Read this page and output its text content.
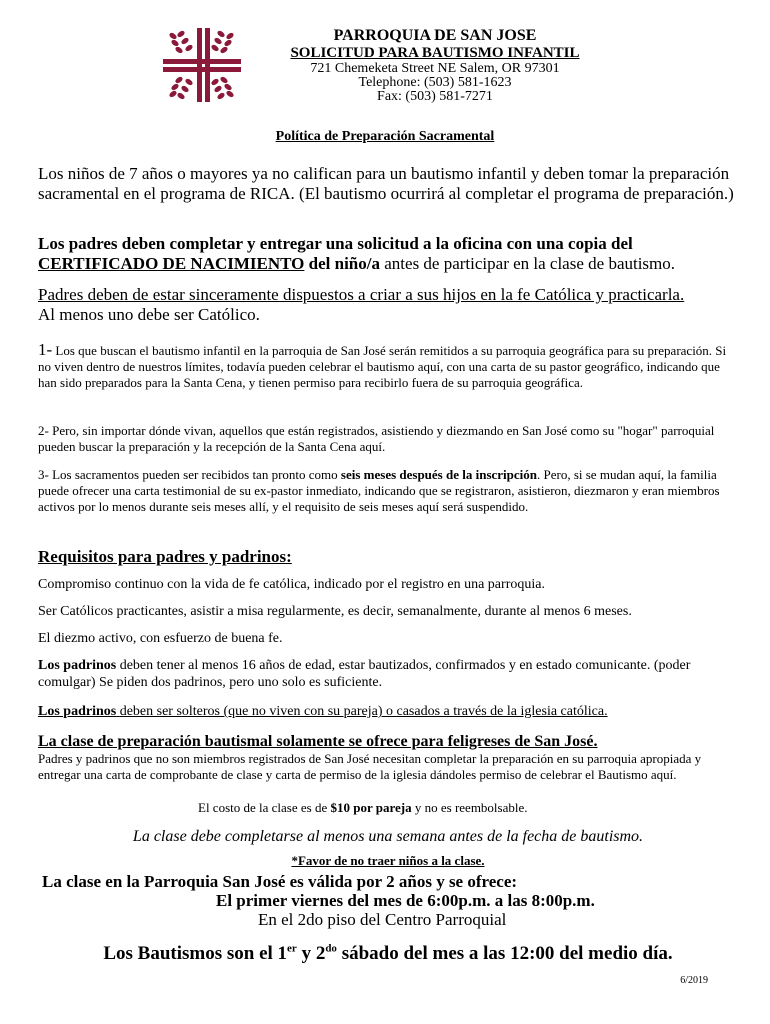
PARROQUIA DE SAN JOSE
SOLICITUD PARA BAUTISMO INFANTIL
721 Chemeketa Street NE Salem, OR 97301
Telephone: (503) 581-1623
Fax: (503) 581-7271
Política de Preparación Sacramental
Los niños de 7 años o mayores ya no califican para un bautismo infantil y deben tomar la preparación sacramental en el programa de RICA. (El bautismo ocurrirá al completar el programa de preparación.)
Los padres deben completar y entregar una solicitud a la oficina con una copia del CERTIFICADO DE NACIMIENTO del niño/a antes de participar en la clase de bautismo.
Padres deben de estar sinceramente dispuestos a criar a sus hijos en la fe Católica y practicarla.
Al menos uno debe ser Católico.
1- Los que buscan el bautismo infantil en la parroquia de San José serán remitidos a su parroquia geográfica para su preparación. Si no viven dentro de nuestros límites, todavía pueden celebrar el bautismo aquí, con una carta de su pastor geográfico, indicando que han sido preparados para la Santa Cena, y tienen permiso para recibirlo fuera de su parroquia geográfica.
2- Pero, sin importar dónde vivan, aquellos que están registrados, asistiendo y diezmando en San José como su "hogar" parroquial pueden buscar la preparación y la recepción de la Santa Cena aquí.
3- Los sacramentos pueden ser recibidos tan pronto como seis meses después de la inscripción. Pero, si se mudan aquí, la familia puede ofrecer una carta testimonial de su ex-pastor inmediato, indicando que se registraron, asistieron, diezmaron y eran miembros activos por lo menos durante seis meses allí, y el requisito de seis meses aquí será suspendido.
Requisitos para padres y padrinos:
Compromiso continuo con la vida de fe católica, indicado por el registro en una parroquia.
Ser Católicos practicantes, asistir a misa regularmente, es decir, semanalmente, durante al menos 6 meses.
El diezmo activo, con esfuerzo de buena fe.
Los padrinos deben tener al menos 16 años de edad, estar bautizados, confirmados y en estado comunicante. (poder comulgar) Se piden dos padrinos, pero uno solo es suficiente.
Los padrinos deben ser solteros (que no viven con su pareja) o casados a través de la iglesia católica.
La clase de preparación bautismal solamente se ofrece para feligreses de San José.
Padres y padrinos que no son miembros registrados de San José necesitan completar la preparación en su parroquia apropiada y entregar una carta de comprobante de clase y carta de permiso de la iglesia dándoles permiso de celebrar el Bautismo aquí.
El costo de la clase es de $10 por pareja y no es reembolsable.
La clase debe completarse al menos una semana antes de la fecha de bautismo.
*Favor de no traer niños a la clase.
La clase en la Parroquia San José es válida por 2 años y se ofrece:
El primer viernes del mes de 6:00p.m. a las 8:00p.m.
En el 2do piso del Centro Parroquial
Los Bautismos son el 1er y $2^{do}$ sábado del mes a las 12:00 del medio día.
6/2019
